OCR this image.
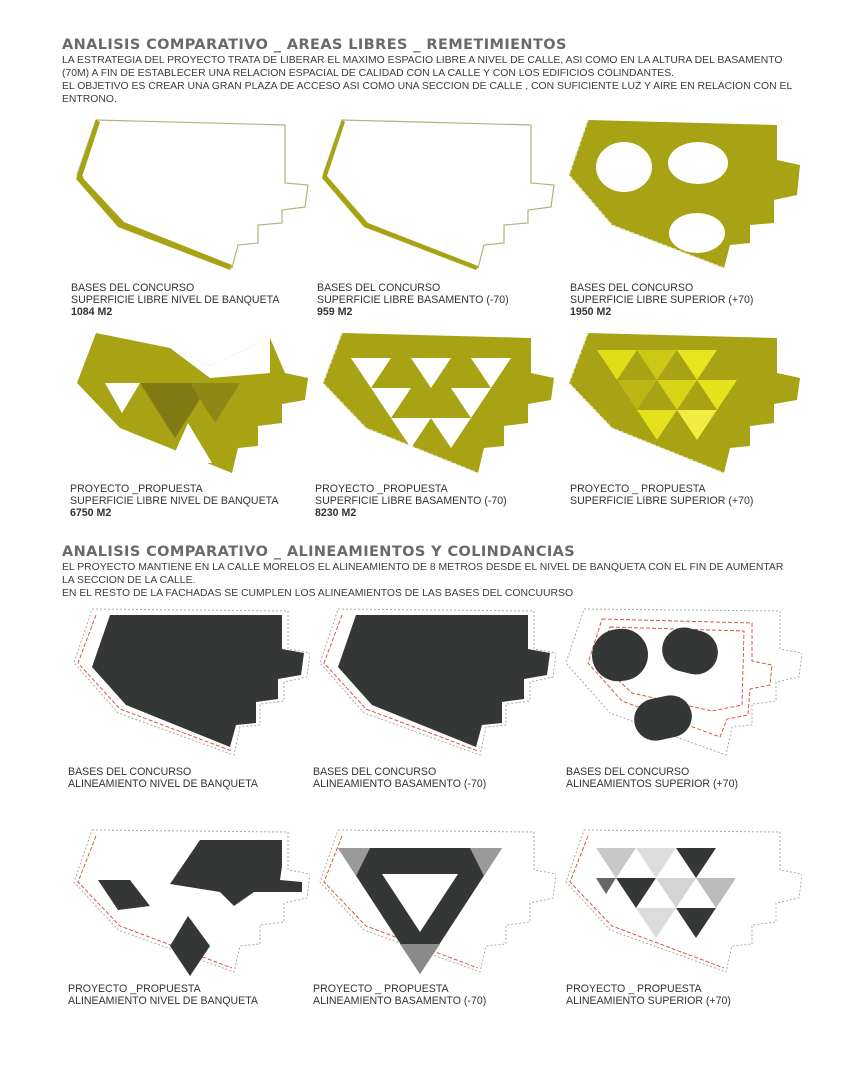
ANALISIS COMPARATIVO _ AREAS LIBRES _ REMETIMIENTOS
LA ESTRATEGIA DEL PROYECTO TRATA DE LIBERAR EL MAXIMO ESPACIO LIBRE A NIVEL DE CALLE, ASI COMO EN LA ALTURA DEL BASAMENTO (70M) A FIN DE ESTABLECER UNA RELACION ESPACIAL DE CALIDAD CON LA CALLE Y CON LOS EDIFICIOS COLINDANTES.
EL OBJETIVO ES CREAR UNA GRAN PLAZA DE ACCESO ASI COMO UNA SECCION DE CALLE , CON SUFICIENTE LUZ Y AIRE EN RELACION CON EL ENTRONO.
BASES DEL CONCURSO
SUPERFICIE LIBRE NIVEL DE BANQUETA
1084 M2
BASES DEL CONCURSO
SUPERFICIE LIBRE BASAMENTO (-70)
959 M2
BASES DEL CONCURSO
SUPERFICIE LIBRE SUPERIOR (+70)
1950 M2
PROYECTO _PROPUESTA
SUPERFICIE LIBRE NIVEL DE BANQUETA
6750 M2
PROYECTO _PROPUESTA
SUPERFICIE LIBRE BASAMENTO (-70)
8230 M2
PROYECTO _ PROPUESTA
SUPERFICIE LIBRE SUPERIOR (+70)
ANALISIS COMPARATIVO _ ALINEAMIENTOS Y COLINDANCIAS
EL PROYECTO MANTIENE EN LA CALLE MORELOS EL ALINEAMIENTO DE 8 METROS DESDE EL NIVEL DE BANQUETA CON EL FIN DE AUMENTAR LA SECCION DE LA CALLE.
EN EL RESTO DE LA FACHADAS SE CUMPLEN LOS ALINEAMIENTOS DE LAS BASES DEL CONCUURSO
BASES DEL CONCURSO
ALINEAMIENTO NIVEL DE BANQUETA
BASES DEL CONCURSO
ALINEAMIENTO BASAMENTO (-70)
BASES DEL CONCURSO
ALINEAMIENTOS SUPERIOR (+70)
PROYECTO _PROPUESTA
ALINEAMIENTO NIVEL DE BANQUETA
PROYECTO _ PROPUESTA
ALINEAMIENTO BASAMENTO (-70)
PROYECTO _ PROPUESTA
ALINEAMIENTO SUPERIOR (+70)
